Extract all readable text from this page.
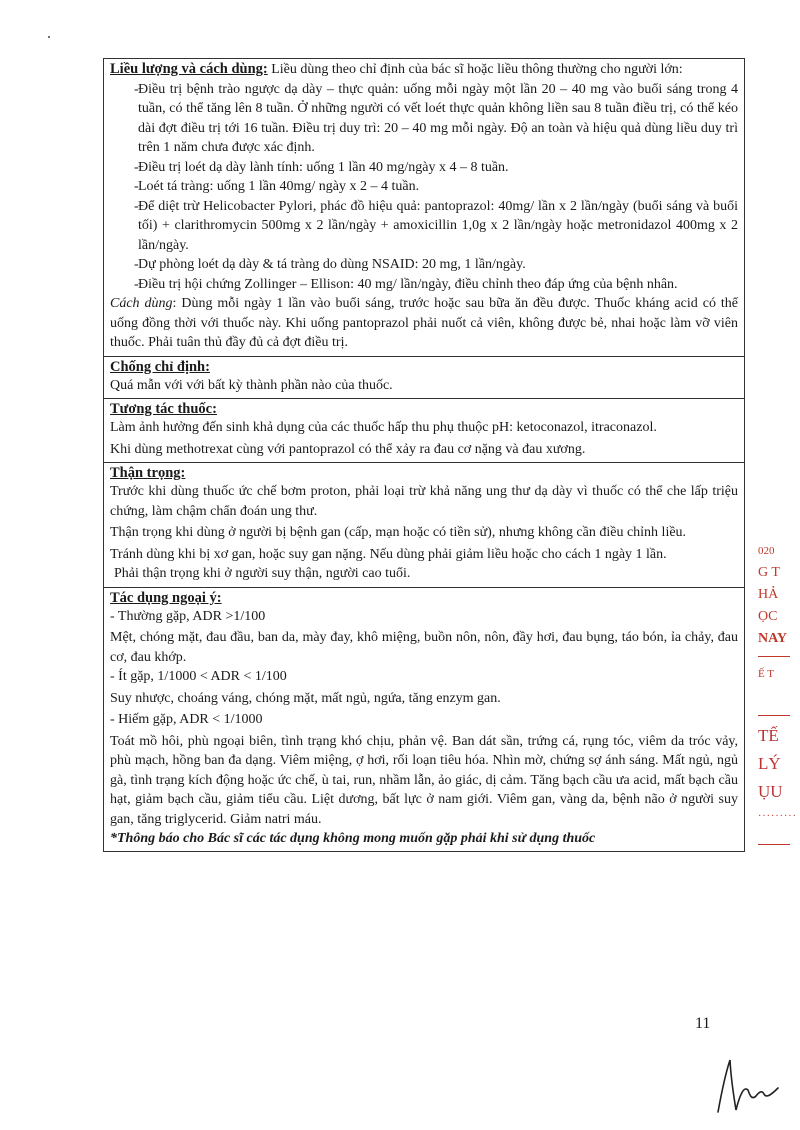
Liều lượng và cách dùng: Liều dùng theo chỉ định của bác sĩ hoặc liều thông thường cho người lớn:

- Điều trị bệnh trào ngược dạ dày – thực quản: uống mỗi ngày một lần 20 – 40 mg vào buổi sáng trong 4 tuần, có thể tăng lên 8 tuần. Ở những người có vết loét thực quản không liền sau 8 tuần điều trị, có thể kéo dài đợt điều trị tới 16 tuần. Điều trị duy trì: 20 – 40 mg mỗi ngày. Độ an toàn và hiệu quả dùng liều duy trì trên 1 năm chưa được xác định.

- Điều trị loét dạ dày lành tính: uống 1 lần 40 mg/ngày x 4 – 8 tuần.

- Loét tá tràng: uống 1 lần 40mg/ ngày x 2 – 4 tuần.

- Để diệt trừ Helicobacter Pylori, phác đồ hiệu quả: pantoprazol: 40mg/ lần x 2 lần/ngày (buổi sáng và buổi tối) + clarithromycin 500mg x 2 lần/ngày + amoxicillin 1,0g x 2 lần/ngày hoặc metronidazol 400mg x 2 lần/ngày.

- Dự phòng loét dạ dày & tá tràng do dùng NSAID: 20 mg, 1 lần/ngày.

- Điều trị hội chứng Zollinger – Ellison: 40 mg/ lần/ngày, điều chỉnh theo đáp ứng của bệnh nhân.

Cách dùng: Dùng mỗi ngày 1 lần vào buổi sáng, trước hoặc sau bữa ăn đều được. Thuốc kháng acid có thể uống đồng thời với thuốc này. Khi uống pantoprazol phải nuốt cả viên, không được bẻ, nhai hoặc làm vỡ viên thuốc. Phải tuân thủ đầy đủ cả đợt điều trị.

Chống chỉ định:

Quá mẫn với với bất kỳ thành phần nào của thuốc.

Tương tác thuốc:

Làm ảnh hưởng đến sinh khả dụng của các thuốc hấp thu phụ thuộc pH: ketoconazol, itraconazol.

Khi dùng methotrexat cùng với pantoprazol có thể xảy ra đau cơ nặng và đau xương.

Thận trọng:

Trước khi dùng thuốc ức chế bơm proton, phải loại trừ khả năng ung thư dạ dày vì thuốc có thể che lấp triệu chứng, làm chậm chẩn đoán ung thư.

Thận trọng khi dùng ở người bị bệnh gan (cấp, mạn hoặc có tiền sử), nhưng không cần điều chỉnh liều.

Tránh dùng khi bị xơ gan, hoặc suy gan nặng. Nếu dùng phải giảm liều hoặc cho cách 1 ngày 1 lần.

Phải thận trọng khi ở người suy thận, người cao tuổi.

Tác dụng ngoại ý:

- Thường gặp, ADR >1/100

Mệt, chóng mặt, đau đầu, ban da, mày đay, khô miệng, buồn nôn, nôn, đầy hơi, đau bụng, táo bón, ỉa chảy, đau cơ, đau khớp.

- Ít gặp, 1/1000 < ADR < 1/100

Suy nhược, choáng váng, chóng mặt, mất ngủ, ngứa, tăng enzym gan.

- Hiếm gặp, ADR < 1/1000

Toát mồ hôi, phù ngoại biên, tình trạng khó chịu, phản vệ. Ban dát sần, trứng cá, rụng tóc, viêm da tróc vảy, phù mạch, hồng ban đa dạng. Viêm miệng, ợ hơi, rối loạn tiêu hóa. Nhìn mờ, chứng sợ ánh sáng. Mất ngủ, ngủ gà, tình trạng kích động hoặc ức chế, ù tai, run, nhầm lẫn, ảo giác, dị cảm. Tăng bạch cầu ưa acid, mất bạch cầu hạt, giảm bạch cầu, giảm tiểu cầu. Liệt dương, bất lực ở nam giới. Viêm gan, vàng da, bệnh não ở người suy gan, tăng triglycerid. Giảm natri máu.

*Thông báo cho Bác sĩ các tác dụng không mong muốn gặp phải khi sử dụng thuốc
020
G T
HẢ
ỌC
NAY
Ế T
TẾ
LÝ
ỤU
·········
11
